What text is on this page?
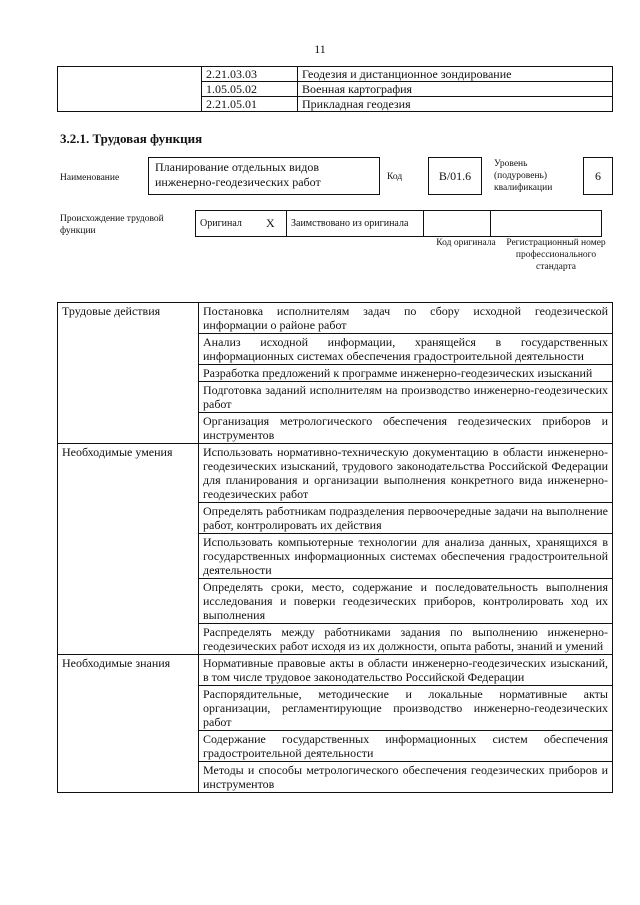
11
	2.21.03.03	Геодезия и дистанционное зондирование
	1.05.05.02	Военная картография
	2.21.05.01	Прикладная геодезия
3.2.1. Трудовая функция
Наименование
Планирование отдельных видов инженерно-геодезических работ	Код	B/01.6
Уровень (подуровень) квалификации
6
Происхождение трудовой функции
Оригинал	X	Заимствовано из оригинала		
Код оригинала Регистрационный номер профессионального стандарта
Трудовые действия	Постановка исполнителям задач по сбору исходной геодезической информации о районе работ
	Анализ исходной информации, хранящейся в государственных информационных системах обеспечения градостроительной деятельности
	Разработка предложений к программе инженерно-геодезических изысканий
	Подготовка заданий исполнителям на производство инженерно-геодезических работ
	Организация метрологического обеспечения геодезических приборов и инструментов
Необходимые умения	Использовать нормативно-техническую документацию в области инженерно-геодезических изысканий, трудового законодательства Российской Федерации для планирования и организации выполнения конкретного вида инженерно-геодезических работ
	Определять работникам подразделения первоочередные задачи на выполнение работ, контролировать их действия
	Использовать компьютерные технологии для анализа данных, хранящихся в государственных информационных системах обеспечения градостроительной деятельности
	Определять сроки, место, содержание и последовательность выполнения исследования и поверки геодезических приборов, контролировать ход их выполнения
	Распределять между работниками задания по выполнению инженерно-геодезических работ исходя из их должности, опыта работы, знаний и умений
Необходимые знания	Нормативные правовые акты в области инженерно-геодезических изысканий, в том числе трудовое законодательство Российской Федерации
	Распорядительные, методические и локальные нормативные акты организации, регламентирующие производство инженерно-геодезических работ
	Содержание государственных информационных систем обеспечения градостроительной деятельности
	Методы и способы метрологического обеспечения геодезических приборов и инструментов
